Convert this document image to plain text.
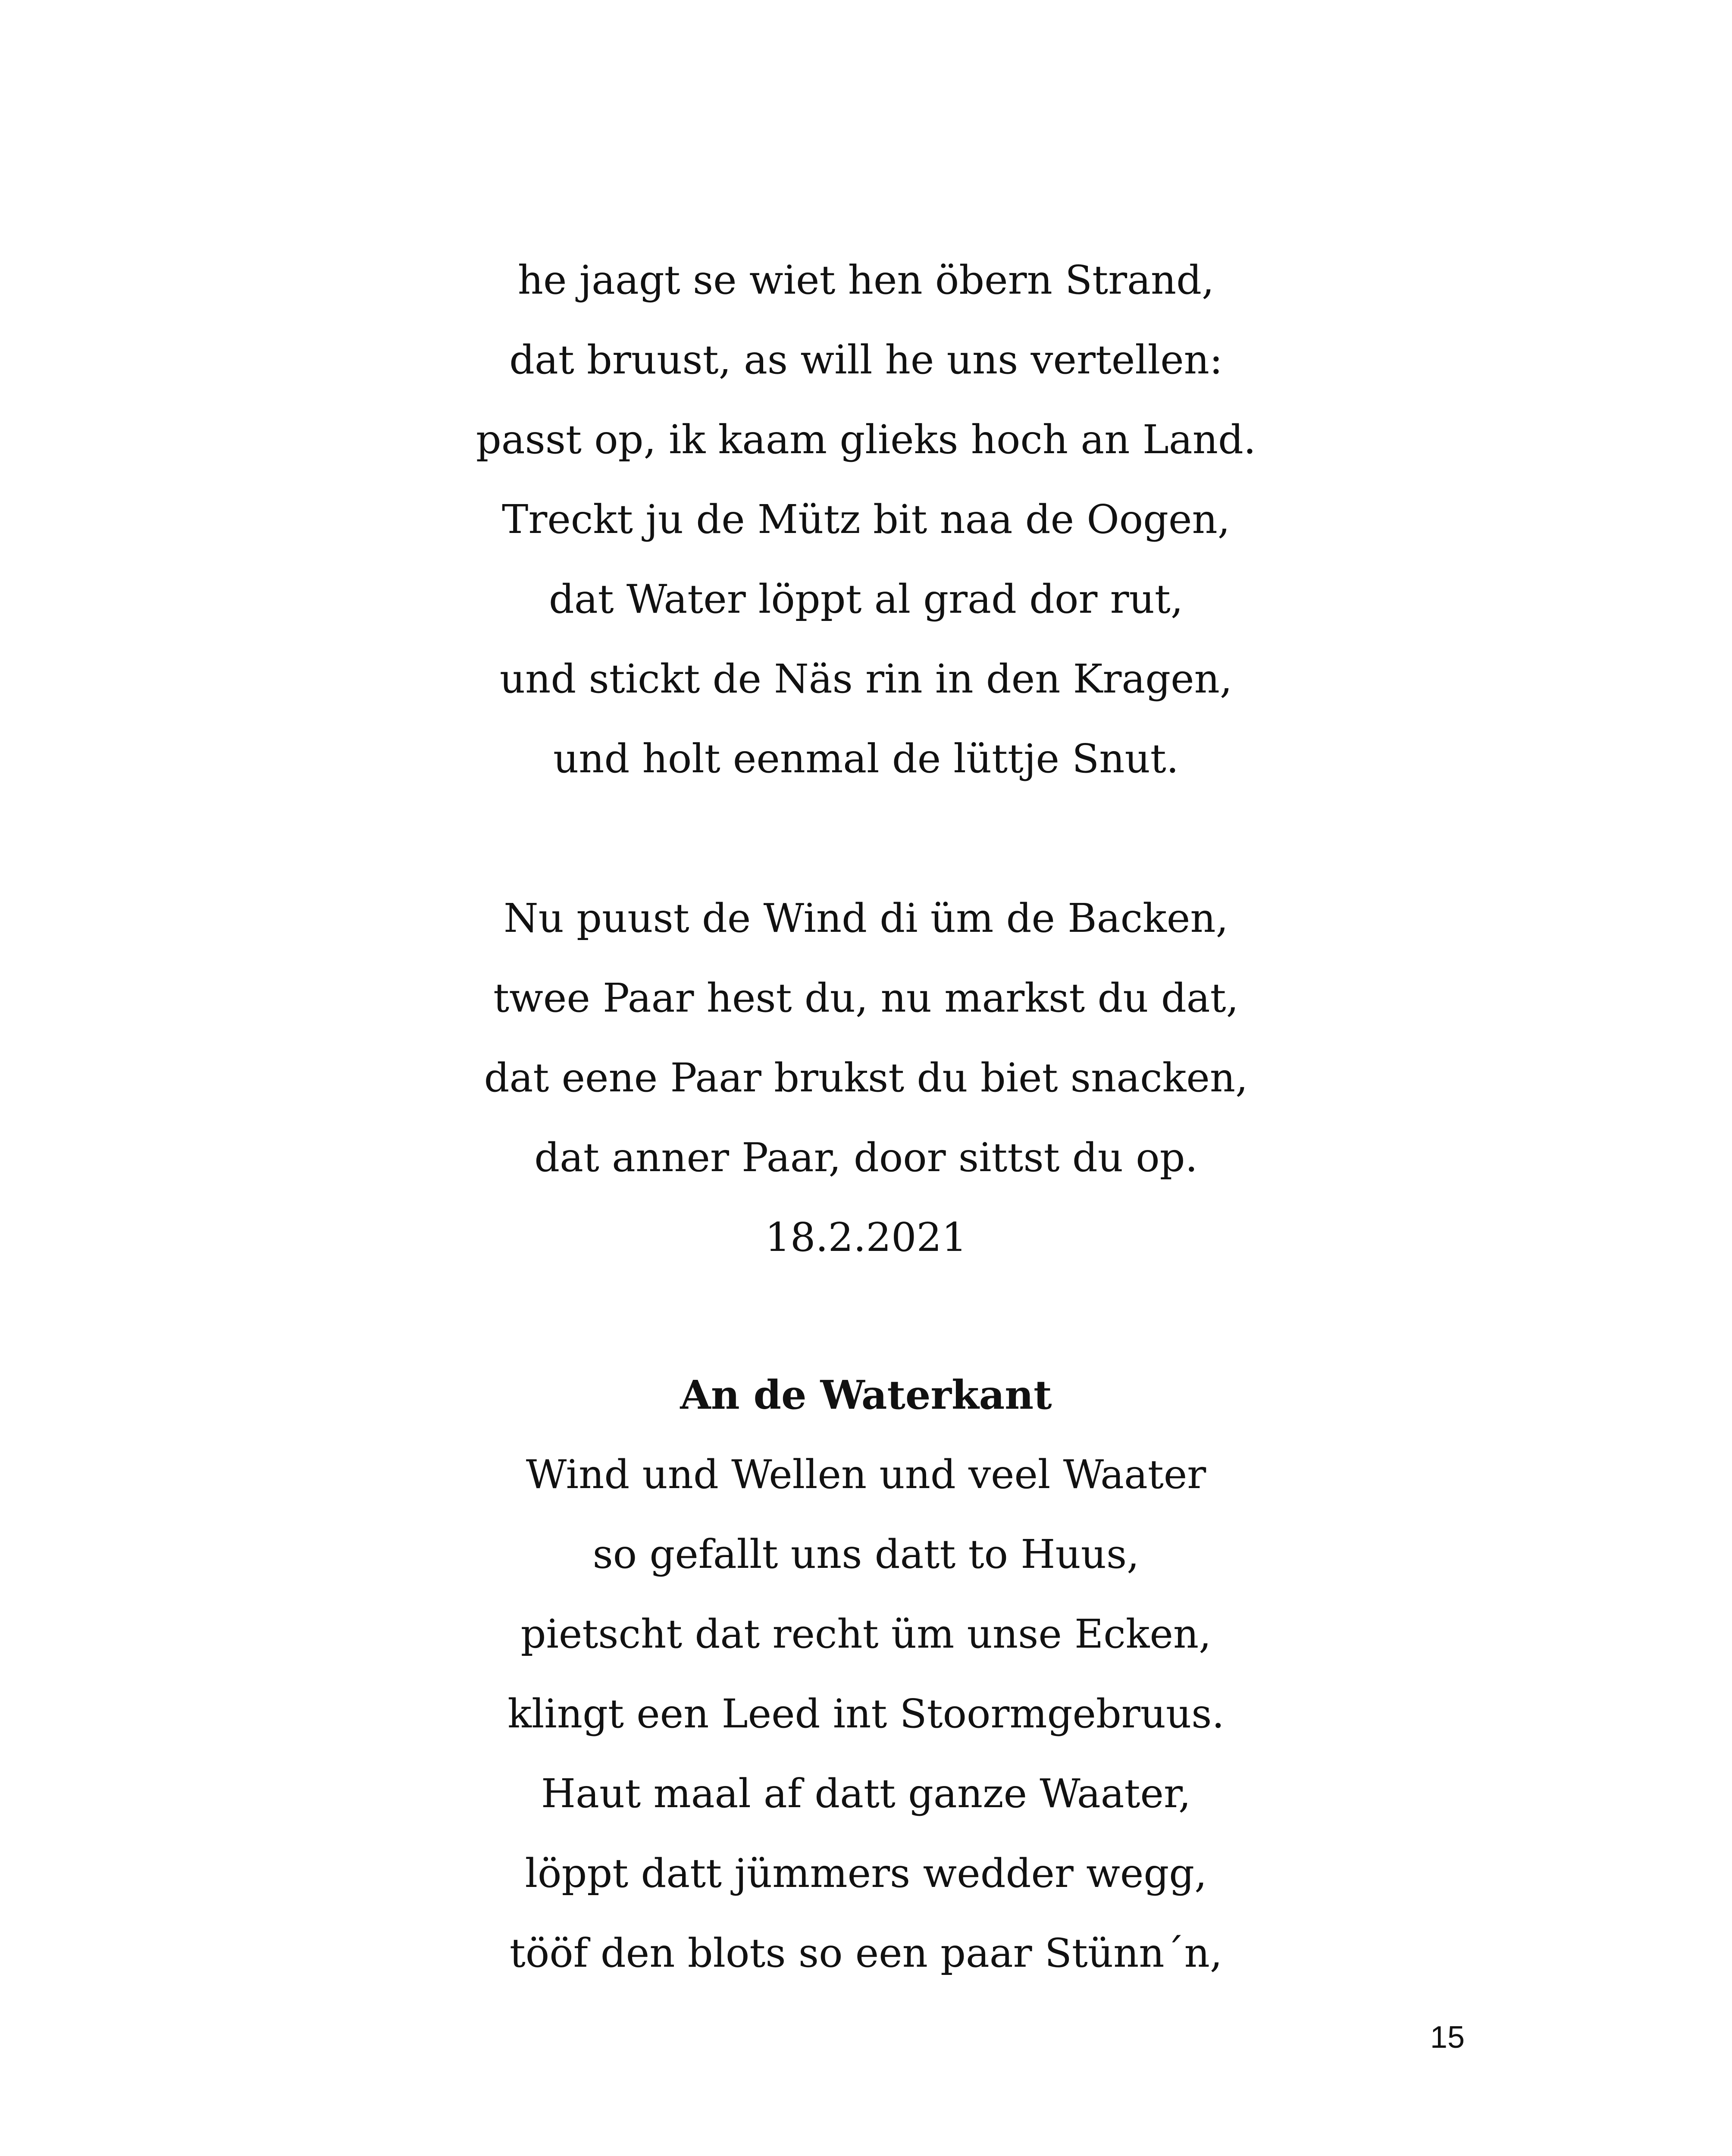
he jaagt se wiet hen öbern Strand,
dat bruust, as will he uns vertellen:
passt op, ik kaam glieks hoch an Land.
Treckt ju de Mütz bit naa de Oogen,
dat Water löppt al grad dor rut,
und stickt de Näs rin in den Kragen,
und holt eenmal de lüttje Snut.
Nu puust de Wind di üm de Backen,
twee Paar hest du, nu markst du dat,
dat eene Paar brukst du biet snacken,
dat anner Paar, door sittst du op.
18.2.2021
An de Waterkant
Wind und Wellen und veel Waater
so gefallt uns datt to Huus,
pietscht dat recht üm unse Ecken,
klingt een Leed int Stoormgebruus.
Haut maal af datt ganze Waater,
löppt datt jümmers wedder wegg,
tööf den blots so een paar Stünn´n,
15
